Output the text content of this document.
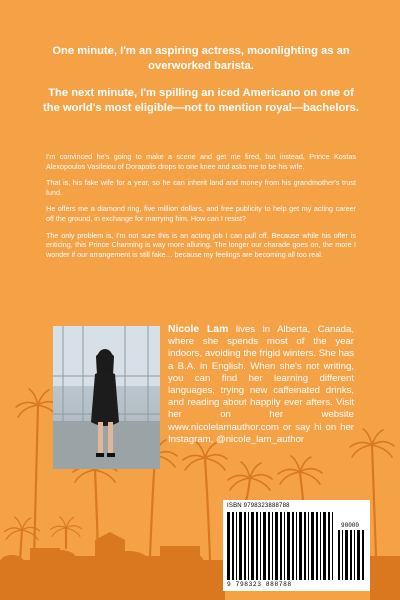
One minute, I'm an aspiring actress, moonlighting as an overworked barista.

The next minute, I'm spilling an iced Americano on one of the world's most eligible—not to mention royal—bachelors.

I'm convinced he's going to make a scene and get me fired, but instead, Prince Kostas Alexopoulos Vasileiou of Dorapolis drops to one knee and asks me to be his wife.

That is, his fake wife for a year, so he can inherit land and money from his grandmother's trust fund.

He offers me a diamond ring, five million dollars, and free publicity to help get my acting career off the ground, in exchange for marrying him. How can I resist?

The only problem is, I'm not sure this is an acting job I can pull off. Because while his offer is enticing, this Prince Charming is way more alluring. The longer our charade goes on, the more I wonder if our arrangement is still fake… because my feelings are becoming all too real.

Nicole Lam lives in Alberta, Canada, where she spends most of the year indoors, avoiding the frigid winters. She has a B.A. in English. When she's not writing, you can find her learning different languages, trying new caffeinated drinks, and reading about happily ever afters. Visit her on her website www.nicolelamauthor.com or say hi on her Instagram, @nicole_lam_author

ISBN 9798323888788
90000
9 798323 888788
